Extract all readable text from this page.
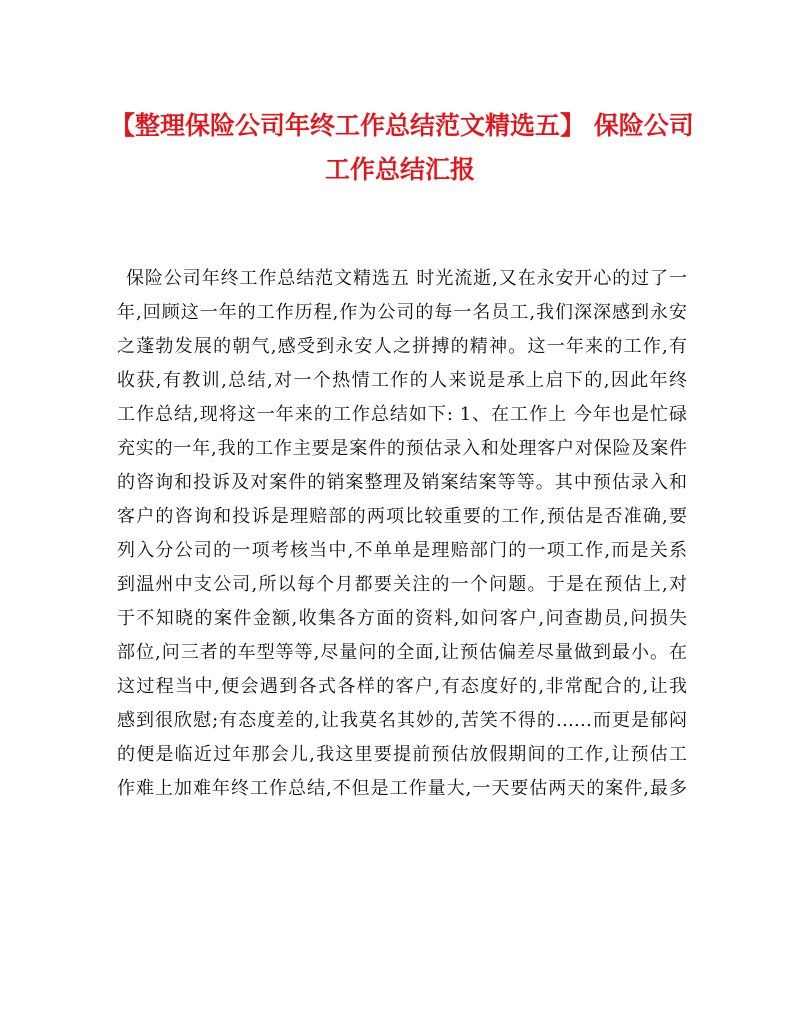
【整理保险公司年终工作总结范文精选五】 保险公司
工作总结汇报
保险公司年终工作总结范文精选五 时光流逝,又在永安开心的过了一
年,回顾这一年的工作历程,作为公司的每一名员工,我们深深感到永安
之蓬勃发展的朝气,感受到永安人之拼搏的精神。这一年来的工作,有
收获,有教训,总结,对一个热情工作的人来说是承上启下的,因此年终
工作总结,现将这一年来的工作总结如下: 1、在工作上 今年也是忙碌
充实的一年,我的工作主要是案件的预估录入和处理客户对保险及案件
的咨询和投诉及对案件的销案整理及销案结案等等。其中预估录入和
客户的咨询和投诉是理赔部的两项比较重要的工作,预估是否准确,要
列入分公司的一项考核当中,不单单是理赔部门的一项工作,而是关系
到温州中支公司,所以每个月都要关注的一个问题。于是在预估上,对
于不知晓的案件金额,收集各方面的资料,如问客户,问查勘员,问损失
部位,问三者的车型等等,尽量问的全面,让预估偏差尽量做到最小。在
这过程当中,便会遇到各式各样的客户,有态度好的,非常配合的,让我
感到很欣慰;有态度差的,让我莫名其妙的,苦笑不得的……而更是郁闷
的便是临近过年那会儿,我这里要提前预估放假期间的工作,让预估工
作难上加难年终工作总结,不但是工作量大,一天要估两天的案件,最多
